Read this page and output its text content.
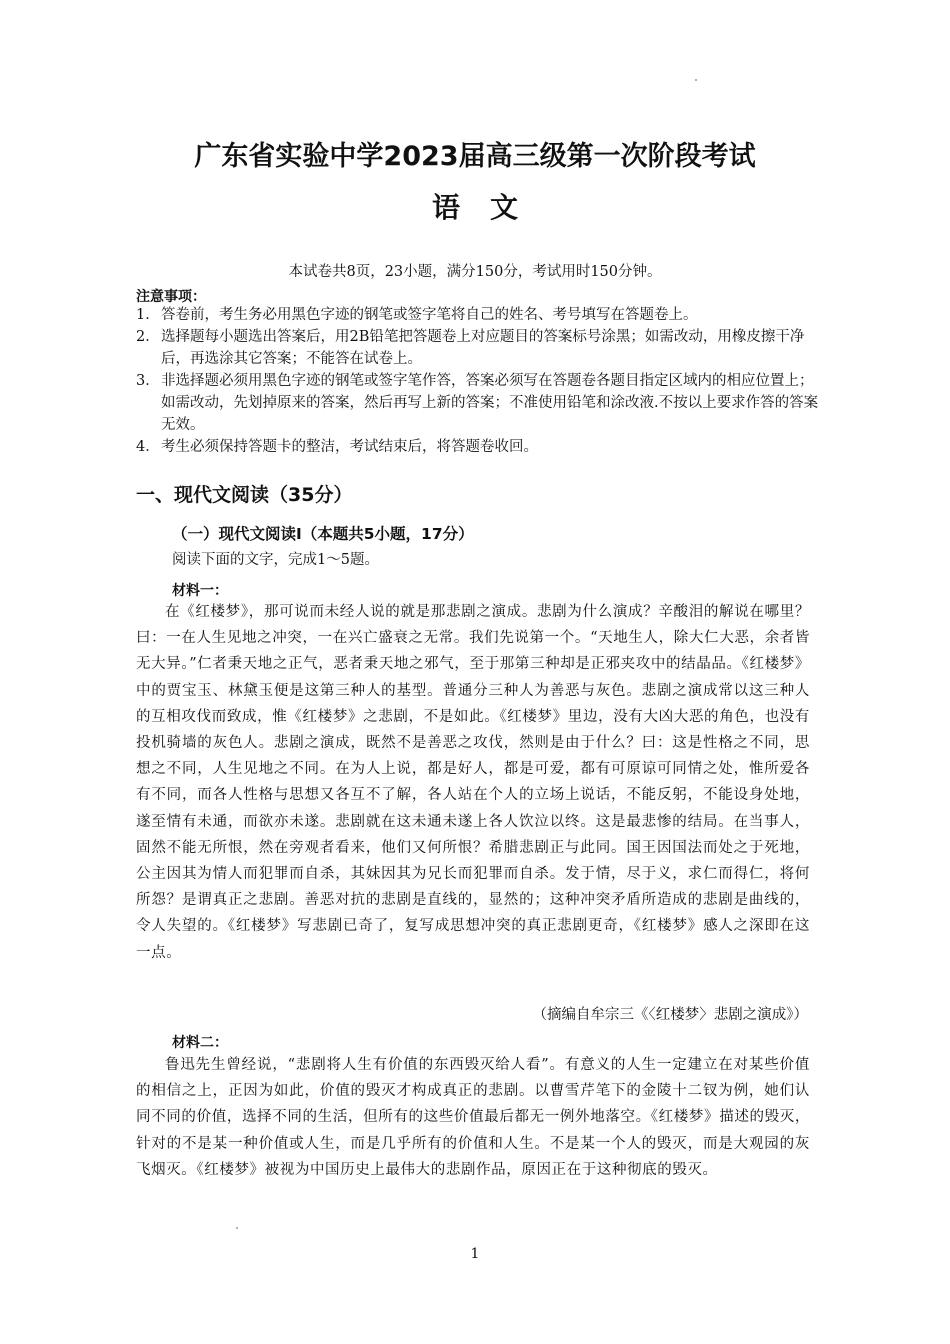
广东省实验中学2023届高三级第一次阶段考试
语文
本试卷共8页，23小题，满分150分，考试用时150分钟。
注意事项：
1． 答卷前，考生务必用黑色字迹的钢笔或签字笔将自己的姓名、考号填写在答题卷上。
2． 选择题每小题选出答案后，用2B铅笔把答题卷上对应题目的答案标号涂黑；如需改动，用橡皮擦干净后，再选涂其它答案；不能答在试卷上。
3． 非选择题必须用黑色字迹的钢笔或签字笔作答，答案必须写在答题卷各题目指定区域内的相应位置上；如需改动，先划掉原来的答案，然后再写上新的答案；不准使用铅笔和涂改液.不按以上要求作答的答案无效。
4． 考生必须保持答题卡的整洁，考试结束后，将答题卷收回。
一、现代文阅读（35分）
（一）现代文阅读Ⅰ（本题共5小题，17分）
阅读下面的文字，完成1～5题。
材料一：
在《红楼梦》，那可说而未经人说的就是那悲剧之演成。悲剧为什么演成？辛酸泪的解说在哪里？曰：一在人生见地之冲突，一在兴亡盛衰之无常。我们先说第一个。“天地生人，除大仁大恶，余者皆无大异。”仁者秉天地之正气，恶者秉天地之邪气，至于那第三种却是正邪夹攻中的结晶品。《红楼梦》中的贾宝玉、林黛玉便是这第三种人的基型。普通分三种人为善恶与灰色。悲剧之演成常以这三种人的互相攻伐而致成，惟《红楼梦》之悲剧，不是如此。《红楼梦》里边，没有大凶大恶的角色，也没有投机骑墙的灰色人。悲剧之演成，既然不是善恶之攻伐，然则是由于什么？曰：这是性格之不同，思想之不同，人生见地之不同。在为人上说，都是好人，都是可爱，都有可原谅可同情之处，惟所爱各有不同，而各人性格与思想又各互不了解，各人站在个人的立场上说话，不能反躬，不能设身处地，遂至情有未通，而欲亦未遂。悲剧就在这未通未遂上各人饮泣以终。这是最悲惨的结局。在当事人，固然不能无所恨，然在旁观者看来，他们又何所恨？希腊悲剧正与此同。国王因国法而处之于死地，公主因其为情人而犯罪而自杀，其妹因其为兄长而犯罪而自杀。发于情，尽于义，求仁而得仁，将何所怨？是谓真正之悲剧。善恶对抗的悲剧是直线的，显然的；这种冲突矛盾所造成的悲剧是曲线的，令人失望的。《红楼梦》写悲剧已奇了，复写成思想冲突的真正悲剧更奇，《红楼梦》感人之深即在这一点。
（摘编自牟宗三《〈红楼梦〉悲剧之演成》）
材料二：
鲁迅先生曾经说，“悲剧将人生有价值的东西毁灭给人看”。有意义的人生一定建立在对某些价值的相信之上，正因为如此，价值的毁灭才构成真正的悲剧。以曹雪芹笔下的金陵十二钗为例，她们认同不同的价值，选择不同的生活，但所有的这些价值最后都无一例外地落空。《红楼梦》描述的毁灭，针对的不是某一种价值或人生，而是几乎所有的价值和人生。不是某一个人的毁灭，而是大观园的灰飞烟灭。《红楼梦》被视为中国历史上最伟大的悲剧作品，原因正在于这种彻底的毁灭。
1
